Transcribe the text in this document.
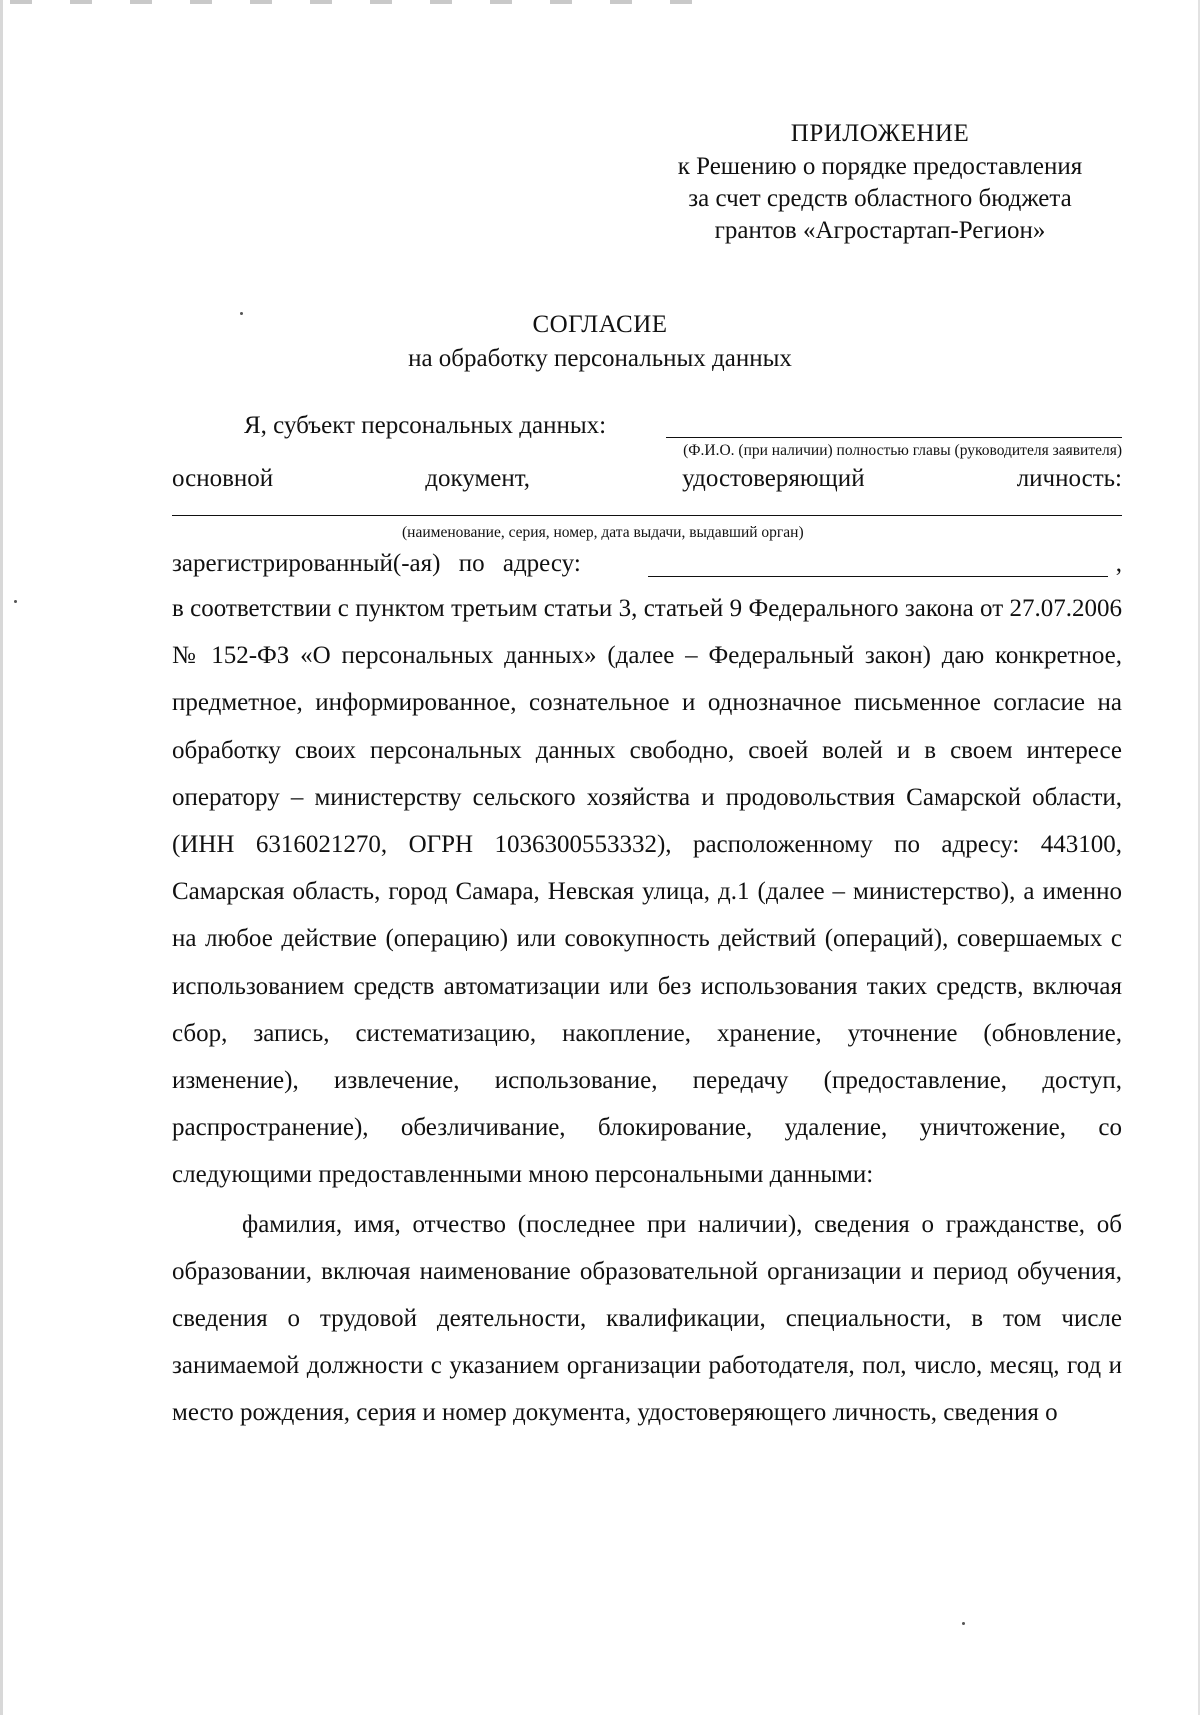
ПРИЛОЖЕНИЕ
к Решению о порядке предоставления
за счет средств областного бюджета
грантов «Агростартап-Регион»
СОГЛАСИЕ
на обработку персональных данных
Я, субъект персональных данных:
(Ф.И.О. (при наличии) полностью главы (руководителя заявителя)
основной	документ,	удостоверяющий	личность:
(наименование, серия, номер, дата выдачи, выдавший орган)
зарегистрированный(-ая) по адресу:	,

в соответствии с пунктом третьим статьи 3, статьей 9 Федерального закона от 27.07.2006 № 152-ФЗ «О персональных данных» (далее – Федеральный закон) даю конкретное, предметное, информированное, сознательное и однозначное письменное согласие на обработку своих персональных данных свободно, своей волей и в своем интересе оператору – министерству сельского хозяйства и продовольствия Самарской области, (ИНН 6316021270, ОГРН 1036300553332), расположенному по адресу: 443100, Самарская область, город Самара, Невская улица, д.1 (далее – министерство), а именно на любое действие (операцию) или совокупность действий (операций), совершаемых с использованием средств автоматизации или без использования таких средств, включая сбор, запись, систематизацию, накопление, хранение, уточнение (обновление, изменение), извлечение, использование, передачу (предоставление, доступ, распространение), обезличивание, блокирование, удаление, уничтожение, со следующими предоставленными мною персональными данными:

фамилия, имя, отчество (последнее при наличии), сведения о гражданстве, об образовании, включая наименование образовательной организации и период обучения, сведения о трудовой деятельности, квалификации, специальности, в том числе занимаемой должности с указанием организации работодателя, пол, число, месяц, год и место рождения, серия и номер документа, удостоверяющего личность, сведения о
